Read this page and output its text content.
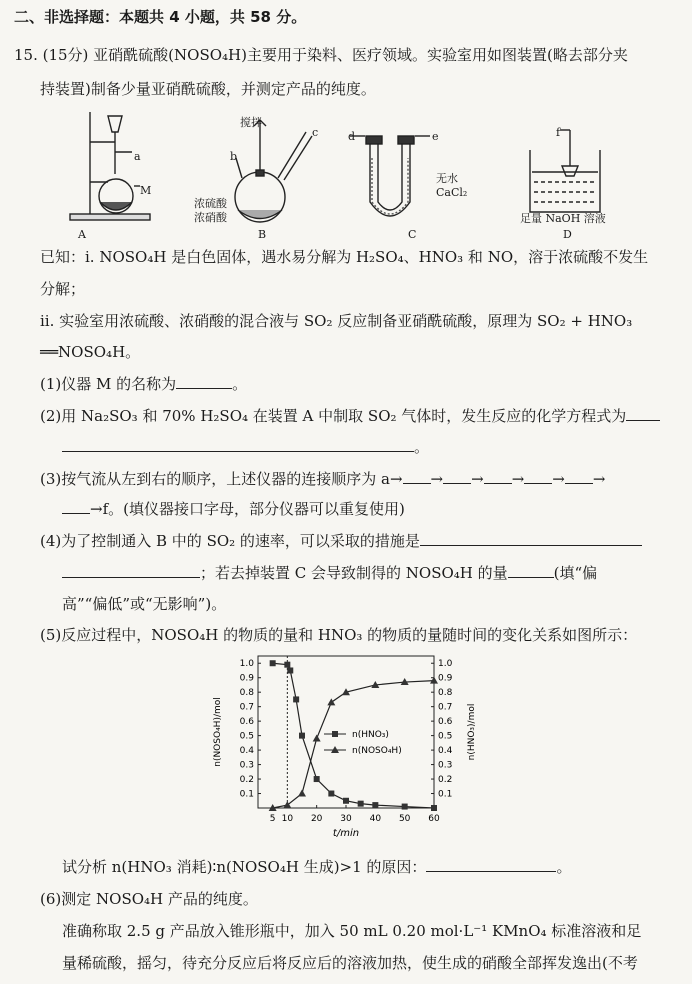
二、非选择题：本题共 4 小题，共 58 分。
15. (15分) 亚硝酰硫酸(NOSO₄H)主要用于染料、医疗领域。实验室用如图装置(略去部分夹
持装置)制备少量亚硝酰硫酸，并测定产品的纯度。
A
a
M
B
搅拌
b
c
浓硫酸
浓硝酸
C
d	e
无水
CaCl₂
D
f
足量 NaOH 溶液
已知：ⅰ. NOSO₄H 是白色固体，遇水易分解为 H₂SO₄、HNO₃ 和 NO，溶于浓硫酸不发生
分解；
ⅱ. 实验室用浓硫酸、浓硝酸的混合液与 SO₂ 反应制备亚硝酰硫酸，原理为 SO₂ + HNO₃
══NOSO₄H。
(1)仪器 M 的名称为	。
(2)用 Na₂SO₃ 和 70% H₂SO₄ 在装置 A 中制取 SO₂ 气体时，发生反应的化学方程式为
。
(3)按气流从左到右的顺序，上述仪器的连接顺序为 a→ → → → → →
→f。(填仪器接口字母，部分仪器可以重复使用)
(4)为了控制通入 B 中的 SO₂ 的速率，可以采取的措施是
；若去掉装置 C 会导致制得的 NOSO₄H 的量	(填“偏
高”“偏低”或“无影响”)。
(5)反应过程中，NOSO₄H 的物质的量和 HNO₃ 的物质的量随时间的变化关系如图所示：
0.1	0.1
0.2	0.2
0.3	0.3
0.4	0.4
0.5	0.5
0.6	0.6
0.7	0.7
0.8	0.8
0.9	0.9
1.0	1.0
5 10 20 30 40 50 60
t/min
n(NOSO₄H)/mol	n(HNO₃)/mol
n(HNO₃)
n(NOSO₄H)
试分析 n(HNO₃ 消耗)∶n(NOSO₄H 生成)>1 的原因：	。
(6)测定 NOSO₄H 产品的纯度。
准确称取 2.5 g 产品放入锥形瓶中，加入 50 mL 0.20 mol·L⁻¹ KMnO₄ 标准溶液和足
量稀硫酸，摇匀，待充分反应后将反应后的溶液加热，使生成的硝酸全部挥发逸出(不考
